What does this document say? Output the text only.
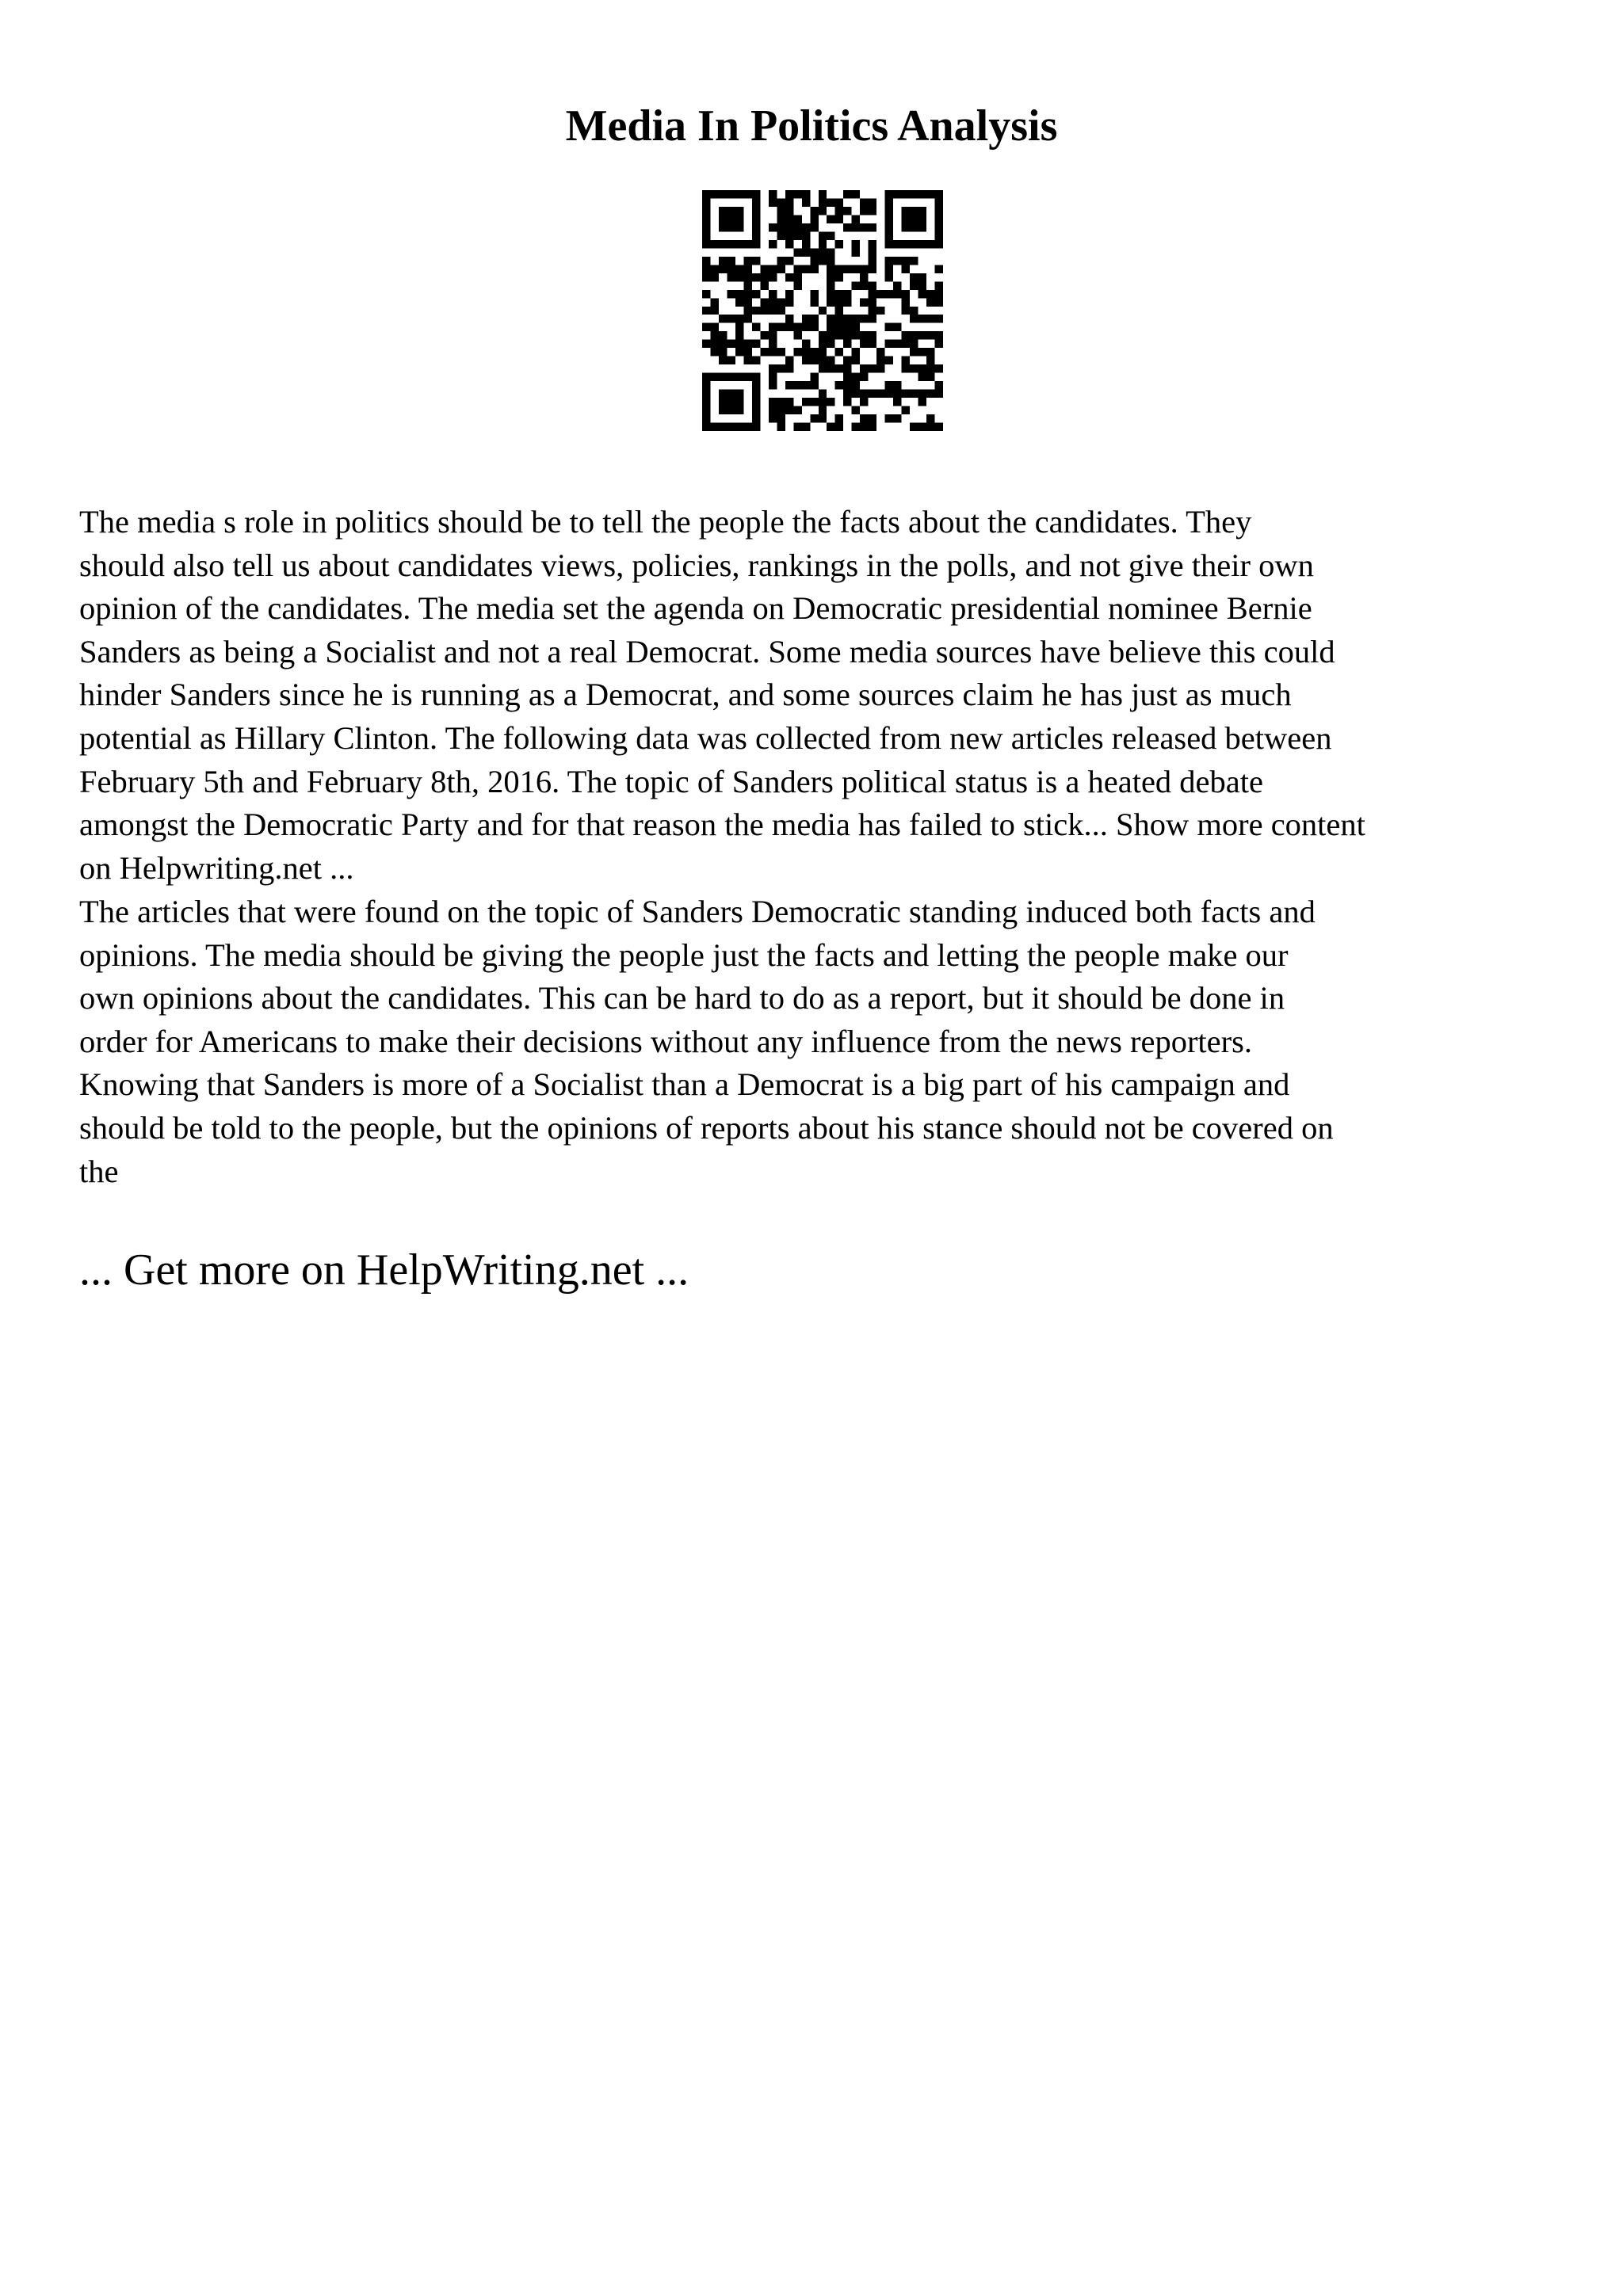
Media In Politics Analysis
The media s role in politics should be to tell the people the facts about the candidates. They
should also tell us about candidates views, policies, rankings in the polls, and not give their own
opinion of the candidates. The media set the agenda on Democratic presidential nominee Bernie
Sanders as being a Socialist and not a real Democrat. Some media sources have believe this could
hinder Sanders since he is running as a Democrat, and some sources claim he has just as much
potential as Hillary Clinton. The following data was collected from new articles released between
February 5th and February 8th, 2016. The topic of Sanders political status is a heated debate
amongst the Democratic Party and for that reason the media has failed to stick... Show more content
on Helpwriting.net ...
The articles that were found on the topic of Sanders Democratic standing induced both facts and
opinions. The media should be giving the people just the facts and letting the people make our
own opinions about the candidates. This can be hard to do as a report, but it should be done in
order for Americans to make their decisions without any influence from the news reporters.
Knowing that Sanders is more of a Socialist than a Democrat is a big part of his campaign and
should be told to the people, but the opinions of reports about his stance should not be covered on
the

... Get more on HelpWriting.net ...
